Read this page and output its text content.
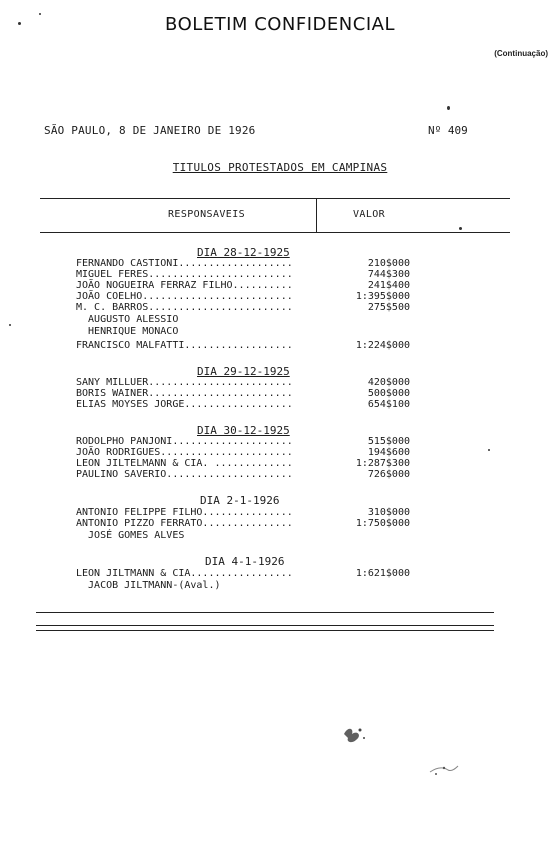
BOLETIM CONFIDENCIAL
(Continuação)
SÃO PAULO, 8 DE JANEIRO DE 1926	Nº 409
TITULOS PROTESTADOS EM CAMPINAS
RESPONSAVEIS	VALOR
DIA 28-12-1925
FERNANDO CASTIONI...................	210$000
MIGUEL FERES........................	744$300
JOÃO NOGUEIRA FERRAZ FILHO..........	241$400
JOÃO COELHO.........................	1:395$000
M. C. BARROS........................	275$500
AUGUSTO ALESSIO
HENRIQUE MONACO
FRANCISCO MALFATTI..................	1:224$000
DIA 29-12-1925
SANY MILLUER........................	420$000
BORIS WAINER........................	500$000
ELIAS MOYSES JORGE..................	654$100
DIA 30-12-1925
RODOLPHO PANJONI....................	515$000
JOÃO RODRIGUES......................	194$600
LEON JILTELMANN & CIA. .............	1:287$300
PAULINO SAVERIO.....................	726$000
DIA 2-1-1926
ANTONIO FELIPPE FILHO...............	310$000
ANTONIO PIZZO FERRATO...............	1:750$000
JOSÉ GOMES ALVES
DIA 4-1-1926
LEON JILTMANN & CIA.................	1:621$000
JACOB JILTMANN-(Aval.)
